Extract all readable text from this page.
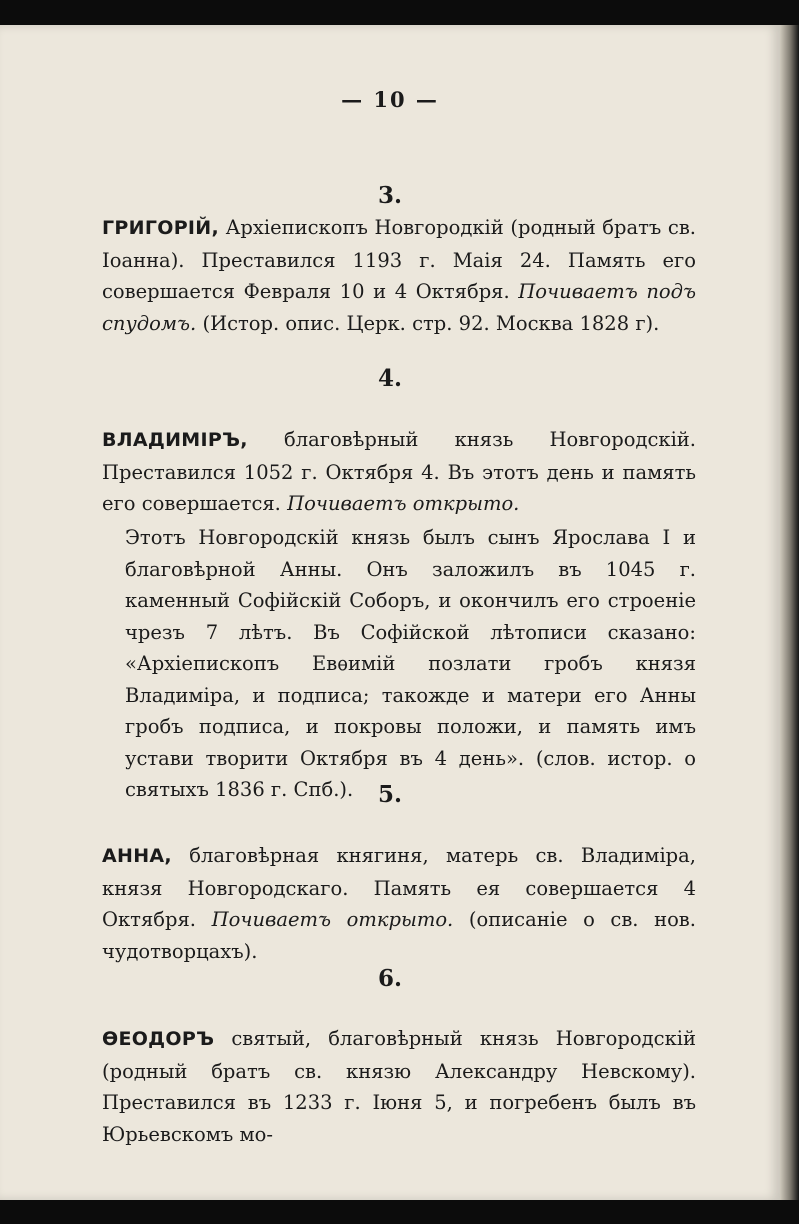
— 10 —
3.
ГРИГОРІЙ, Архіепископъ Новгородкій (родный братъ св. Іоанна). Преставился 1193 г. Маія 24. Память его совершается Февраля 10 и 4 Октября. Почиваетъ подъ спудомъ. (Истор. опис. Церк. стр. 92. Москва 1828 г).
4.
ВЛАДИМІРЪ, благовѣрный князь Новгородскій. Преставился 1052 г. Октября 4. Въ этотъ день и память его совершается. Почиваетъ открыто.
Этотъ Новгородскій князь былъ сынъ Ярослава I и благовѣрной Анны. Онъ заложилъ въ 1045 г. каменный Софійскій Соборъ, и окончилъ его строеніе чрезъ 7 лѣтъ. Въ Софійской лѣтописи сказано: «Архіепископъ Евѳимій позлати гробъ князя Владиміра, и подписа; такожде и матери его Анны гробъ подписа, и покровы положи, и память имъ устави творити Октября въ 4 день». (слов. истор. о святыхъ 1836 г. Спб.).	5.
АННА, благовѣрная княгиня, матерь св. Владиміра, князя Новгородскаго. Память ея совершается 4 Октября. Почиваетъ открыто. (описаніе о св. нов. чудотворцахъ).
6.
ѲЕОДОРЪ святый, благовѣрный князь Новгородскій (родный братъ св. князю Александру Невскому). Преставился въ 1233 г. Іюня 5, и погребенъ былъ въ Юрьевскомъ мо-
